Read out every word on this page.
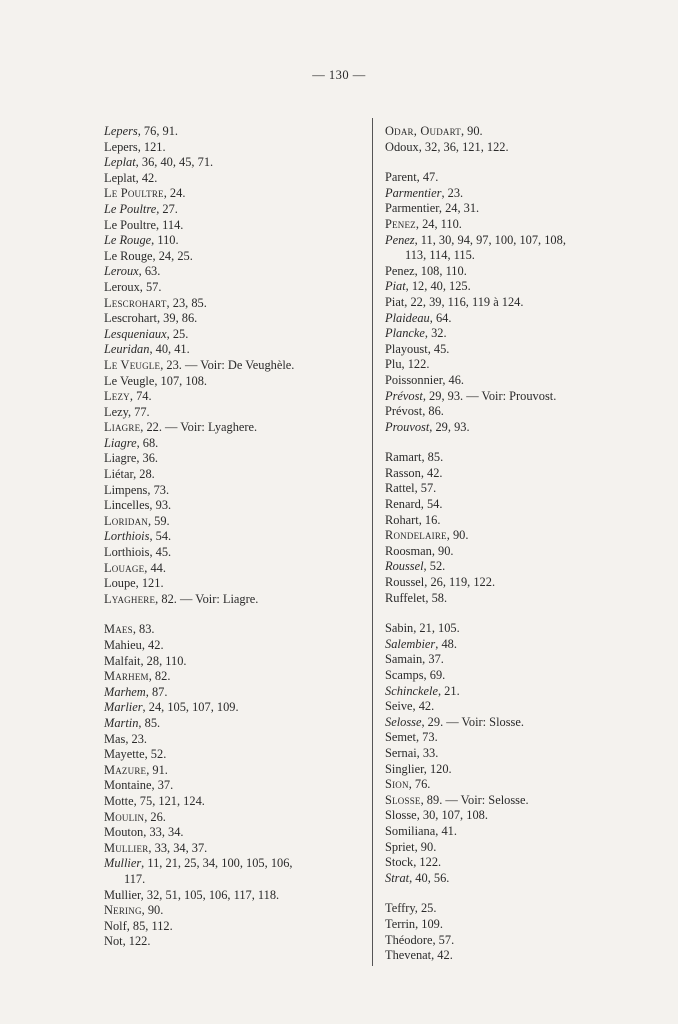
— 130 —
Lepers, 76, 91.
Lepers, 121.
Leplat, 36, 40, 45, 71.
Leplat, 42.
Le Poultre, 24.
Le Poultre, 27.
Le Poultre, 114.
Le Rouge, 110.
Le Rouge, 24, 25.
Leroux, 63.
Leroux, 57.
Lescrohart, 23, 85.
Lescrohart, 39, 86.
Lesqueniaux, 25.
Leuridan, 40, 41.
Le Veugle, 23. — Voir: De Veughèle.
Le Veugle, 107, 108.
Lezy, 74.
Lezy, 77.
Liagre, 22. — Voir: Lyaghere.
Liagre, 68.
Liagre, 36.
Liétar, 28.
Limpens, 73.
Lincelles, 93.
Loridan, 59.
Lorthiois, 54.
Lorthiois, 45.
Louage, 44.
Loupe, 121.
Lyaghere, 82. — Voir: Liagre.
Maes, 83.
Mahieu, 42.
Malfait, 28, 110.
Marhem, 82.
Marhem, 87.
Marlier, 24, 105, 107, 109.
Martin, 85.
Mas, 23.
Mayette, 52.
Mazure, 91.
Montaine, 37.
Motte, 75, 121, 124.
Moulin, 26.
Mouton, 33, 34.
Mullier, 33, 34, 37.
Mullier, 11, 21, 25, 34, 100, 105, 106,
117.
Mullier, 32, 51, 105, 106, 117, 118.
Nering, 90.
Nolf, 85, 112.
Not, 122.
Odar, Oudart, 90.
Odoux, 32, 36, 121, 122.
Parent, 47.
Parmentier, 23.
Parmentier, 24, 31.
Penez, 24, 110.
Penez, 11, 30, 94, 97, 100, 107, 108,
113, 114, 115.
Penez, 108, 110.
Piat, 12, 40, 125.
Piat, 22, 39, 116, 119 à 124.
Plaideau, 64.
Plancke, 32.
Playoust, 45.
Plu, 122.
Poissonnier, 46.
Prévost, 29, 93. — Voir: Prouvost.
Prévost, 86.
Prouvost, 29, 93.
Ramart, 85.
Rasson, 42.
Rattel, 57.
Renard, 54.
Rohart, 16.
Rondelaire, 90.
Roosman, 90.
Roussel, 52.
Roussel, 26, 119, 122.
Ruffelet, 58.
Sabin, 21, 105.
Salembier, 48.
Samain, 37.
Scamps, 69.
Schinckele, 21.
Seive, 42.
Selosse, 29. — Voir: Slosse.
Semet, 73.
Sernai, 33.
Singlier, 120.
Sion, 76.
Slosse, 89. — Voir: Selosse.
Slosse, 30, 107, 108.
Somiliana, 41.
Spriet, 90.
Stock, 122.
Strat, 40, 56.
Teffry, 25.
Terrin, 109.
Théodore, 57.
Thevenat, 42.
